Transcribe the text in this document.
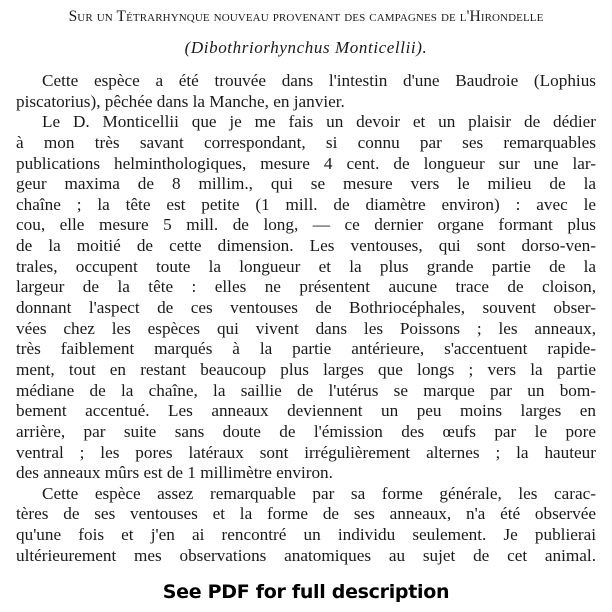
Sur un Tétrarhynque nouveau provenant des campagnes de l'Hirondelle
(Dibothriorhynchus Monticellii).
Cette espèce a été trouvée dans l'intestin d'une Baudroie (Lophius
piscatorius), pêchée dans la Manche, en janvier.
Le D. Monticellii que je me fais un devoir et un plaisir de dédier
à mon très savant correspondant, si connu par ses remarquables
publications helminthologiques, mesure 4 cent. de longueur sur une lar-
geur maxima de 8 millim., qui se mesure vers le milieu de la
chaîne ; la tête est petite (1 mill. de diamètre environ) : avec le
cou, elle mesure 5 mill. de long, — ce dernier organe formant plus
de la moitié de cette dimension. Les ventouses, qui sont dorso-ven-
trales, occupent toute la longueur et la plus grande partie de la
largeur de la tête : elles ne présentent aucune trace de cloison,
donnant l'aspect de ces ventouses de Bothriocéphales, souvent obser-
vées chez les espèces qui vivent dans les Poissons ; les anneaux,
très faiblement marqués à la partie antérieure, s'accentuent rapide-
ment, tout en restant beaucoup plus larges que longs ; vers la partie
médiane de la chaîne, la saillie de l'utérus se marque par un bom-
bement accentué. Les anneaux deviennent un peu moins larges en
arrière, par suite sans doute de l'émission des œufs par le pore
ventral ; les pores latéraux sont irrégulièrement alternes ; la hauteur
des anneaux mûrs est de 1 millimètre environ.
Cette espèce assez remarquable par sa forme générale, les carac-
tères de ses ventouses et la forme de ses anneaux, n'a été observée
qu'une fois et j'en ai rencontré un individu seulement. Je publierai
ultérieurement mes observations anatomiques au sujet de cet animal.
See PDF for full description
